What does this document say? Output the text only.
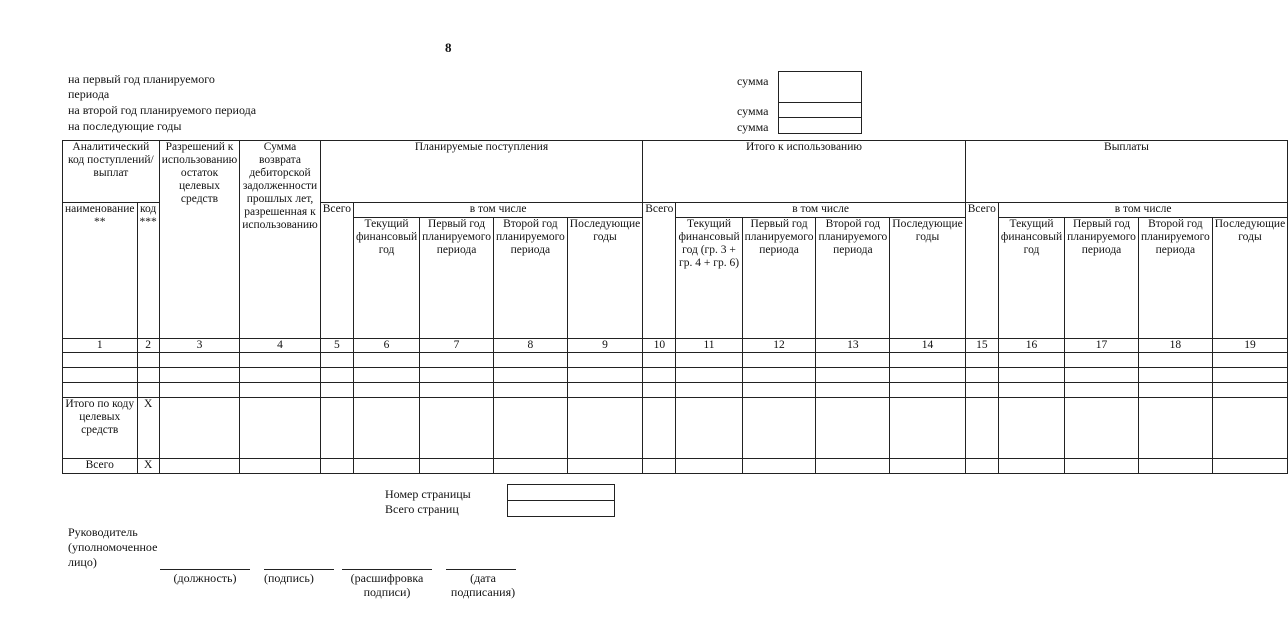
8
на первый год планируемого
периода
на второй год планируемого периода
на последующие годы
сумма
сумма
сумма
Аналитический код поступлений/выплат		Разрешений к использованию остаток целевых средств	Сумма возврата дебиторской задолженности прошлых лет, разрешенная к использованию	Планируемые поступления					Итого к использованию					Выплаты				
наименование **	код ***			Всего	в том числе				Всего	в том числе				Всего	в том числе			
					Текущий финансовый год	Первый год планируемого периода	Второй год планируемого периода	Последующие годы		Текущий финансовый год (гр. 3 + гр. 4 + гр. 6)	Первый год планируемого периода	Второй год планируемого периода	Последующие годы		Текущий финансовый год	Первый год планируемого периода	Второй год планируемого периода	Последующие годы
1	2	3	4	5	6	7	8	9	10	11	12	13	14	15	16	17	18	19

Итого по коду целевых средств	Х																	
Всего	Х																	
Номер страницы
Всего страниц
Руководитель (уполномоченное лицо)
(должность)	(подпись)	(расшифровка подписи)
(дата подписания)
